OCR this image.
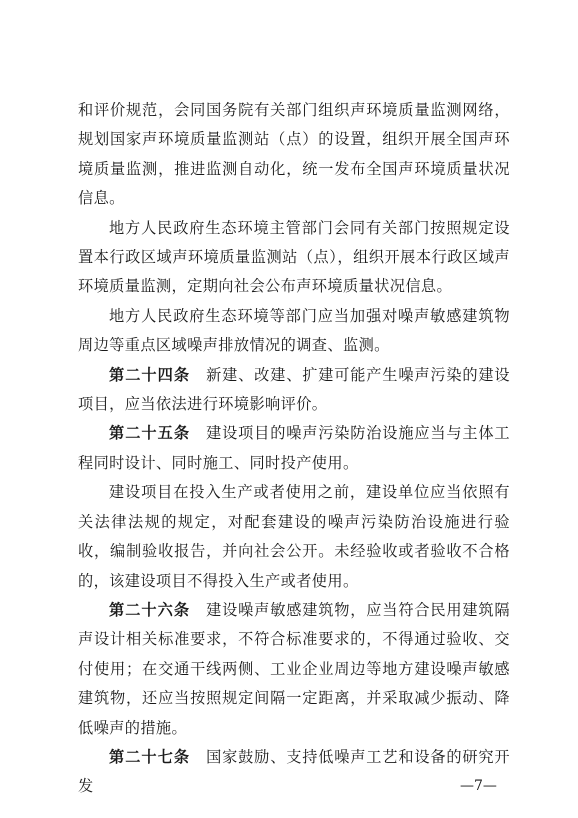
和评价规范，会同国务院有关部门组织声环境质量监测网络，规划国家声环境质量监测站（点）的设置，组织开展全国声环境质量监测，推进监测自动化，统一发布全国声环境质量状况信息。

地方人民政府生态环境主管部门会同有关部门按照规定设置本行政区域声环境质量监测站（点），组织开展本行政区域声环境质量监测，定期向社会公布声环境质量状况信息。

地方人民政府生态环境等部门应当加强对噪声敏感建筑物周边等重点区域噪声排放情况的调查、监测。

第二十四条　 新建、改建、扩建可能产生噪声污染的建设项目，应当依法进行环境影响评价。

第二十五条　 建设项目的噪声污染防治设施应当与主体工程同时设计、同时施工、同时投产使用。

建设项目在投入生产或者使用之前，建设单位应当依照有关法律法规的规定，对配套建设的噪声污染防治设施进行验收，编制验收报告，并向社会公开。未经验收或者验收不合格的，该建设项目不得投入生产或者使用。

第二十六条　 建设噪声敏感建筑物，应当符合民用建筑隔声设计相关标准要求，不符合标准要求的，不得通过验收、交付使用；在交通干线两侧、工业企业周边等地方建设噪声敏感建筑物，还应当按照规定间隔一定距离，并采取减少振动、降低噪声的措施。

第二十七条　 国家鼓励、支持低噪声工艺和设备的研究开发	—7—
